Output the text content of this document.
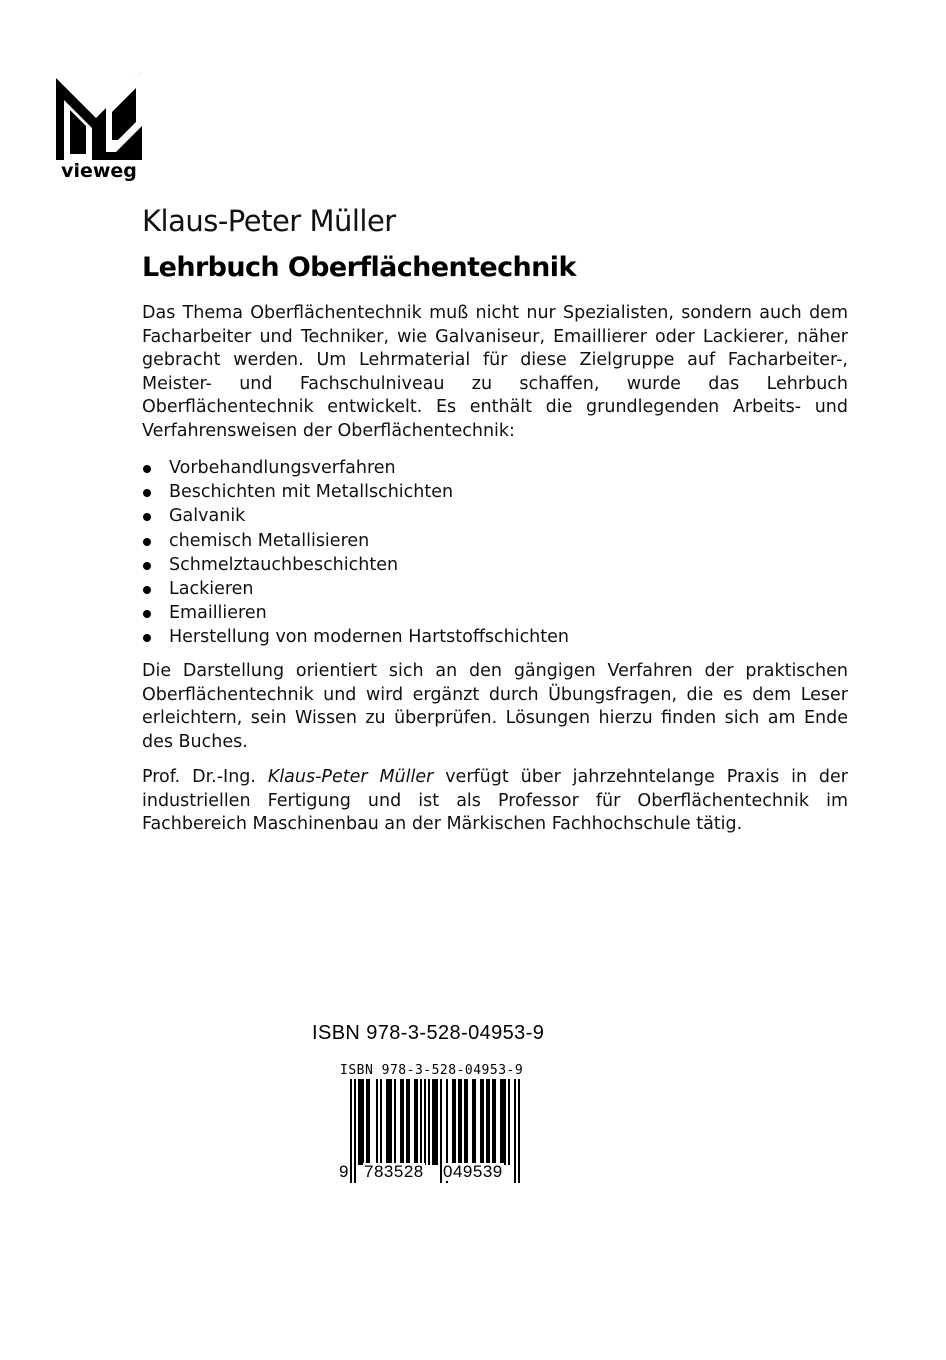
vieweg
Klaus-Peter Müller
Lehrbuch Oberflächentechnik

Das Thema Oberflächentechnik muß nicht nur Spezialisten, sondern auch dem Facharbeiter und Techniker, wie Galvaniseur, Emaillierer oder Lackierer, näher gebracht werden. Um Lehrmaterial für diese Zielgruppe auf Facharbeiter-, Meister- und Fachschulniveau zu schaffen, wurde das Lehrbuch Oberflächentechnik entwickelt. Es enthält die grundlegenden Arbeits- und Verfahrensweisen der Oberflächentechnik:

Vorbehandlungsverfahren
Beschichten mit Metallschichten
Galvanik
chemisch Metallisieren
Schmelztauchbeschichten
Lackieren
Emaillieren
Herstellung von modernen Hartstoffschichten

Die Darstellung orientiert sich an den gängigen Verfahren der praktischen Oberflächentechnik und wird ergänzt durch Übungsfragen, die es dem Leser erleichtern, sein Wissen zu überprüfen. Lösungen hierzu finden sich am Ende des Buches.

Prof. Dr.-Ing. Klaus-Peter Müller verfügt über jahrzehntelange Praxis in der industriellen Fertigung und ist als Professor für Oberflächentechnik im Fachbereich Maschinenbau an der Märkischen Fachhochschule tätig.

ISBN 978-3-528-04953-9
ISBN 978-3-528-04953-9
9 783528 049539
